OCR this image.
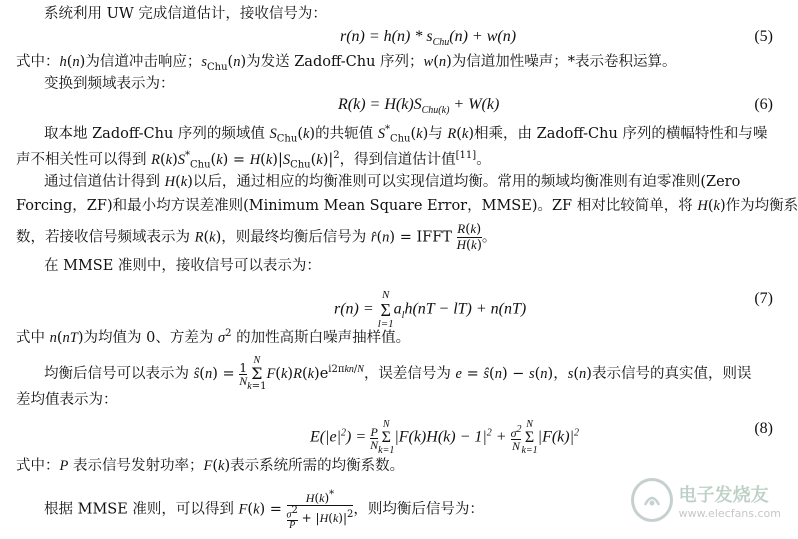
系统利用 UW 完成信道估计，接收信号为：
$r(n) = h(n) * s_{Chu}(n) + w(n)$	(5)
式中：h(n)为信道冲击响应；$s_{Chu}(n)$为发送 Zadoff-Chu 序列；w(n)为信道加性噪声；*表示卷积运算。
变换到频域表示为：
$R(k) = H(k)S_{Chu(k)} + W(k)$	(6)
取本地 Zadoff-Chu 序列的频域值 $S_{Chu}(k)$的共轭值 $S^*_{Chu}(k)$与 R(k)相乘，由 Zadoff-Chu 序列的横幅特性和与噪
声不相关性可以得到 $R(k)S^*_{Chu}(k) = H(k)|S_{Chu}(k)|^2$，得到信道估计值[11]。
通过信道估计得到 H(k)以后，通过相应的均衡准则可以实现信道均衡。常用的频域均衡准则有迫零准则(Zero
Forcing，ZF)和最小均方误差准则(Minimum Mean Square Error，MMSE)。ZF 相对比较简单，将 H(k)作为均衡系
数，若接收信号频域表示为 R(k)，则最终均衡后信号为 r̂(n) = IFFT $\frac{R(k)}{H(k)}$ 。
在 MMSE 准则中，接收信号可以表示为：
r(n) =
N
Σ
l=1
$a_lh(nT - lT) + n(nT)$
(7)
式中 n(nT)为均值为 0、方差为 $\sigma^2$ 的加性高斯白噪声抽样值。
均衡后信号可以表示为 ŝ(n) = $\frac{1}{N}$
N
Σ
k=1
$F(k)R(k)e^{i2\pi kn/N}$，误差信号为 e = ŝ(n) − s(n)，s(n)表示信号的真实值，则误
差均值表示为：
$E(|e|^2) = \frac{P}{N}$
N
Σ
k=1
$|F(k)H(k) - 1|^2 + \frac{\sigma^2}{N}$ N
Σ
k=1
$|F(k)|^2$	(8)
式中：P 表示信号发射功率；F(k)表示系统所需的均衡系数。
根据 MMSE 准则，可以得到 $F(k) = \frac{H(k)^*}{\frac{\sigma^2}{P} + |H(k)|^2}$ ，则均衡后信号为：
电子发烧友
www.elecfans.com
